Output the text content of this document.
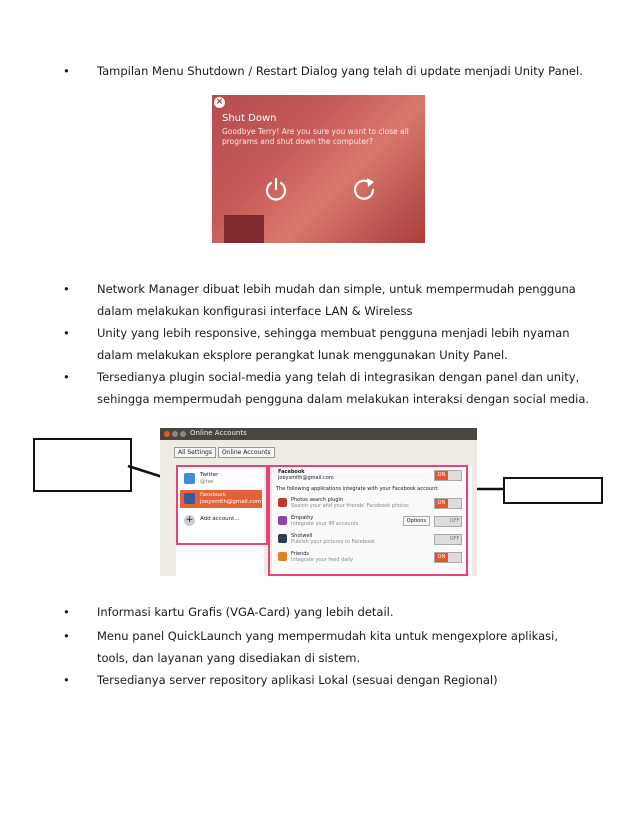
• Tampilan Menu Shutdown / Restart Dialog yang telah di update menjadi Unity Panel.
×
Shut Down
Goodbye Terry! Are you sure you want to close all programs and shut down the computer?
• Network Manager dibuat lebih mudah dan simple, untuk mempermudah pengguna
dalam melakukan konfigurasi interface LAN & Wireless
• Unity yang lebih responsive, sehingga membuat pengguna menjadi lebih nyaman
dalam melakukan eksplore perangkat lunak menggunakan Unity Panel.
• Tersedianya plugin social-media yang telah di integrasikan dengan panel dan unity,
sehingga mempermudah pengguna dalam melakukan interaksi dengan social media.
Online Accounts
All Settings Online Accounts
Twitter
@twi
Facebook
joeysmith@gmail.com
+	Add account...
Facebook
joeysmith@gmail.com	ON
The following applications integrate with your Facebook account:
Photos search plugin
Search your and your friends' Facebook photos	ON
Empathy
Integrate your IM accounts	Options	OFF
Shotwell
Publish your pictures to Facebook	OFF
Friends
Integrate your feed daily	ON
• Informasi kartu Grafis (VGA-Card) yang lebih detail.
• Menu panel QuickLaunch yang mempermudah kita untuk mengexplore aplikasi,
tools, dan layanan yang disediakan di sistem.
• Tersedianya server repository aplikasi Lokal (sesuai dengan Regional)
